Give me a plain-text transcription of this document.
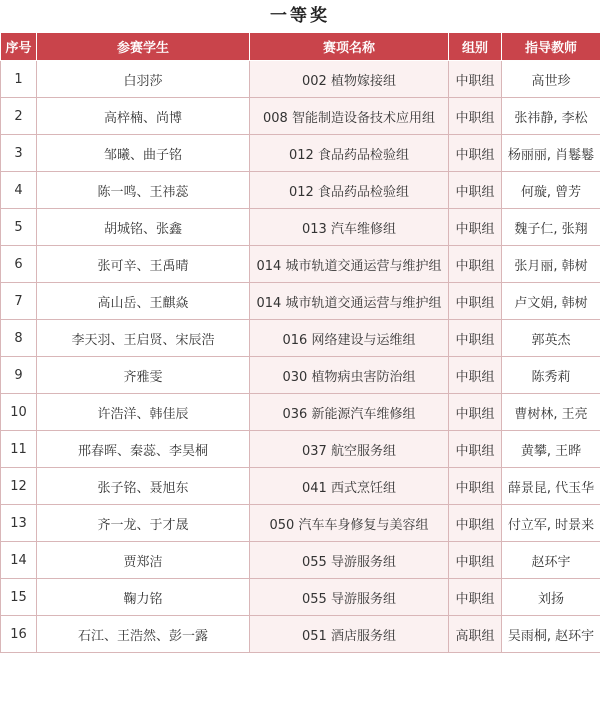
一等奖
序号	参赛学生	赛项名称	组别	指导教师
1	白羽莎	002 植物嫁接组	中职组	高世珍
2	高梓楠、尚博	008 智能制造设备技术应用组	中职组	张祎静, 李松
3	邹曦、曲子铭	012 食品药品检验组	中职组	杨丽丽, 肖鬈鬈
4	陈一鸣、王祎蕊	012 食品药品检验组	中职组	何璇, 曾芳
5	胡城铭、张鑫	013 汽车维修组	中职组	魏子仁, 张翔
6	张可辛、王禹晴	014 城市轨道交通运营与维护组	中职组	张月丽, 韩树
7	高山岳、王麒焱	014 城市轨道交通运营与维护组	中职组	卢文娟, 韩树
8	李天羽、王启贤、宋辰浩	016 网络建设与运维组	中职组	郭英杰
9	齐雅雯	030 植物病虫害防治组	中职组	陈秀莉
10	许浩洋、韩佳辰	036 新能源汽车维修组	中职组	曹树林, 王亮
11	邢春晖、秦蕊、李昊桐	037 航空服务组	中职组	黄攀, 王晔
12	张子铭、聂旭东	041 西式烹饪组	中职组	薛景昆, 代玉华
13	齐一龙、于才晟	050 汽车车身修复与美容组	中职组	付立军, 时景来
14	贾郑洁	055 导游服务组	中职组	赵环宇
15	鞠力铭	055 导游服务组	中职组	刘扬
16	石江、王浩然、彭一露	051 酒店服务组	高职组	吴雨桐, 赵环宇
